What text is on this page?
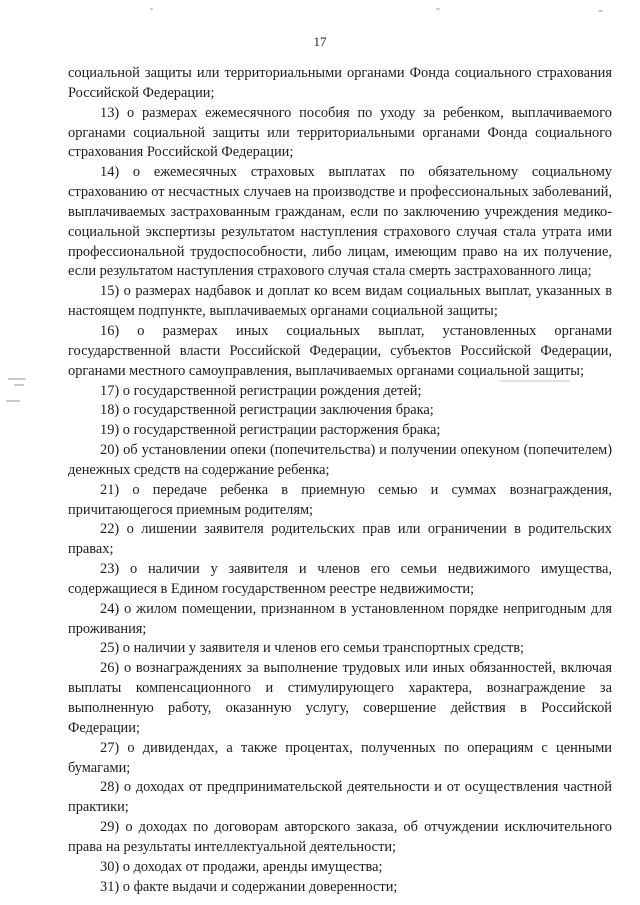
17

социальной защиты или территориальными органами Фонда социального страхования Российской Федерации;

13) о размерах ежемесячного пособия по уходу за ребенком, выплачиваемого органами социальной защиты или территориальными органами Фонда социального страхования Российской Федерации;

14) о ежемесячных страховых выплатах по обязательному социальному страхованию от несчастных случаев на производстве и профессиональных заболеваний, выплачиваемых застрахованным гражданам, если по заключению учреждения медико-социальной экспертизы результатом наступления страхового случая стала утрата ими профессиональной трудоспособности, либо лицам, имеющим право на их получение, если результатом наступления страхового случая стала смерть застрахованного лица;

15) о размерах надбавок и доплат ко всем видам социальных выплат, указанных в настоящем подпункте, выплачиваемых органами социальной защиты;

16) о размерах иных социальных выплат, установленных органами государственной власти Российской Федерации, субъектов Российской Федерации, органами местного самоуправления, выплачиваемых органами социальной защиты;

17) о государственной регистрации рождения детей;

18) о государственной регистрации заключения брака;

19) о государственной регистрации расторжения брака;

20) об установлении опеки (попечительства) и получении опекуном (попечителем) денежных средств на содержание ребенка;

21) о передаче ребенка в приемную семью и суммах вознаграждения, причитающегося приемным родителям;

22) о лишении заявителя родительских прав или ограничении в родительских правах;

23) о наличии у заявителя и членов его семьи недвижимого имущества, содержащиеся в Едином государственном реестре недвижимости;

24) о жилом помещении, признанном в установленном порядке непригодным для проживания;

25) о наличии у заявителя и членов его семьи транспортных средств;

26) о вознаграждениях за выполнение трудовых или иных обязанностей, включая выплаты компенсационного и стимулирующего характера, вознаграждение за выполненную работу, оказанную услугу, совершение действия в Российской Федерации;

27) о дивидендах, а также процентах, полученных по операциям с ценными бумагами;

28) о доходах от предпринимательской деятельности и от осуществления частной практики;

29) о доходах по договорам авторского заказа, об отчуждении исключительного права на результаты интеллектуальной деятельности;

30) о доходах от продажи, аренды имущества;

31) о факте выдачи и содержании доверенности;
